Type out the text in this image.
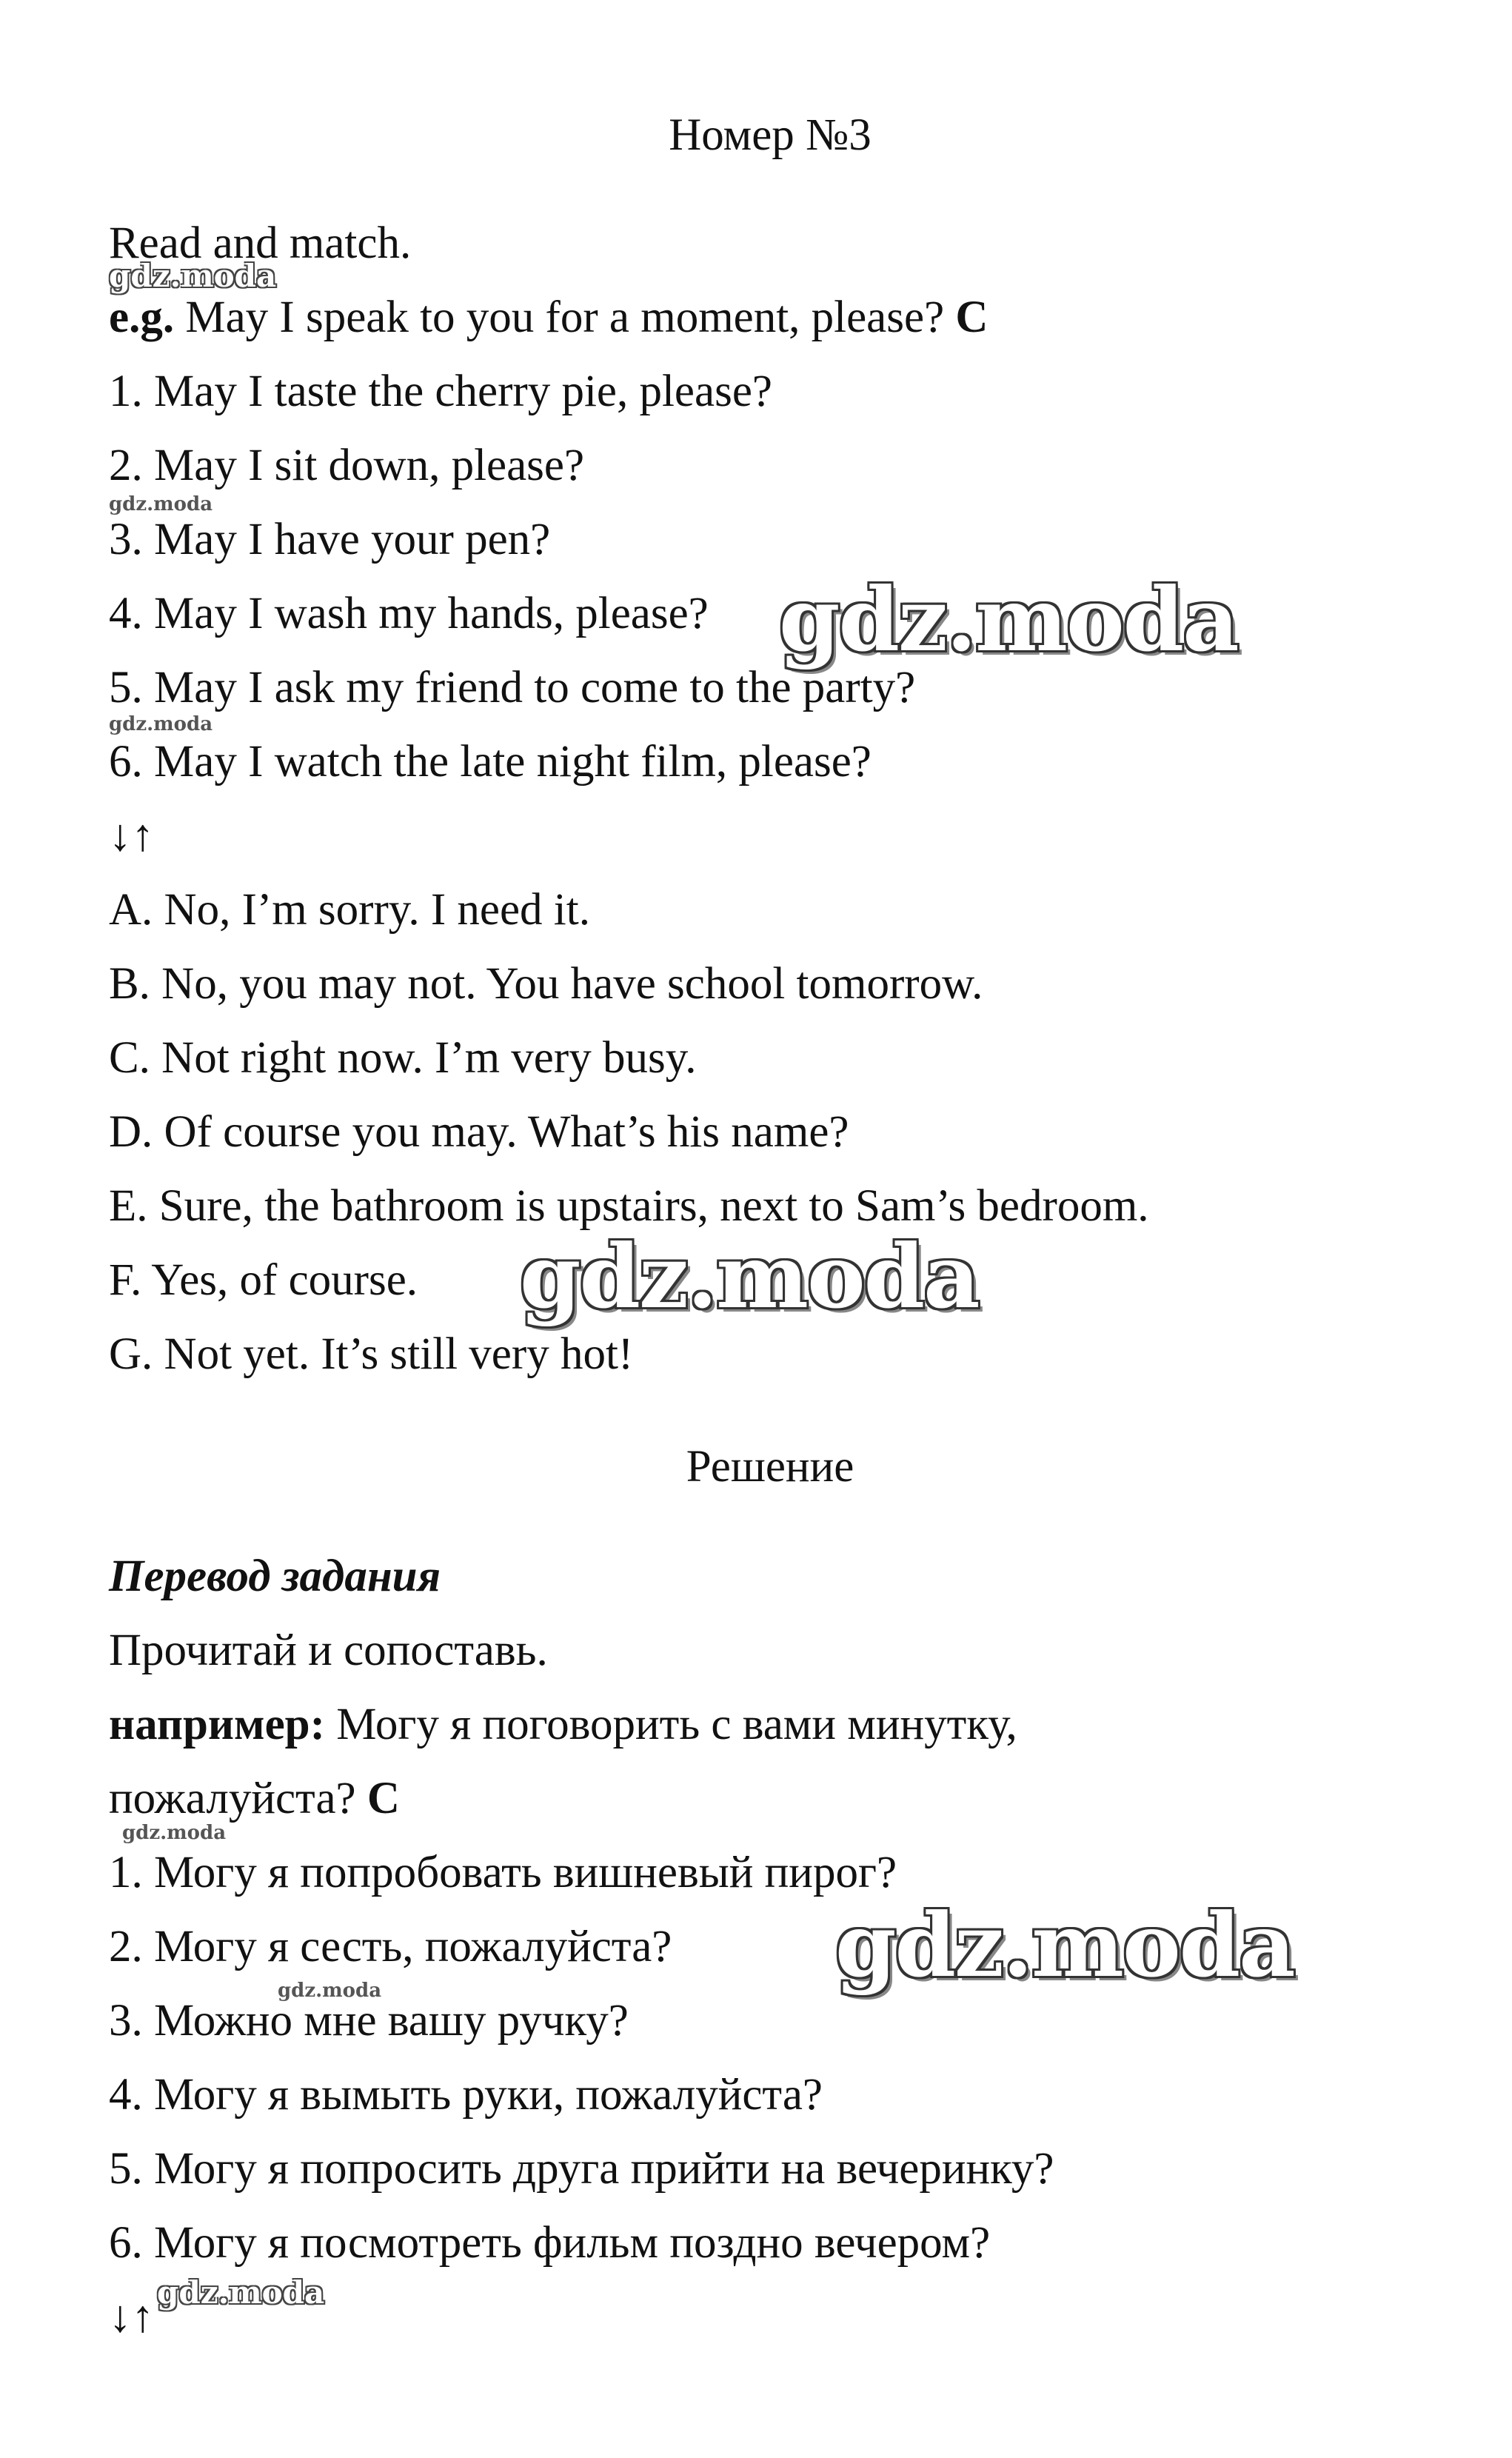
Номер №3
Read and match.
e.g. May I speak to you for a moment, please? C
1. May I taste the cherry pie, please?
2. May I sit down, please?
3. May I have your pen?
4. May I wash my hands, please?
5. May I ask my friend to come to the party?
6. May I watch the late night film, please?
↓↑
A. No, I’m sorry. I need it.
B. No, you may not. You have school tomorrow.
C. Not right now. I’m very busy.
D. Of course you may. What’s his name?
E. Sure, the bathroom is upstairs, next to Sam’s bedroom.
F. Yes, of course.
G. Not yet. It’s still very hot!
Решение
Перевод задания
Прочитай и сопоставь.
например: Могу я поговорить с вами минутку,
пожалуйста? C
1. Могу я попробовать вишневый пирог?
2. Могу я сесть, пожалуйста?
3. Можно мне вашу ручку?
4. Могу я вымыть руки, пожалуйста?
5. Могу я попросить друга прийти на вечеринку?
6. Могу я посмотреть фильм поздно вечером?
↓↑
gdz.moda
gdz.moda
gdz.moda
gdz.moda
gdz.moda
gdz.moda
gdz.moda
gdz.moda
gdz.moda
